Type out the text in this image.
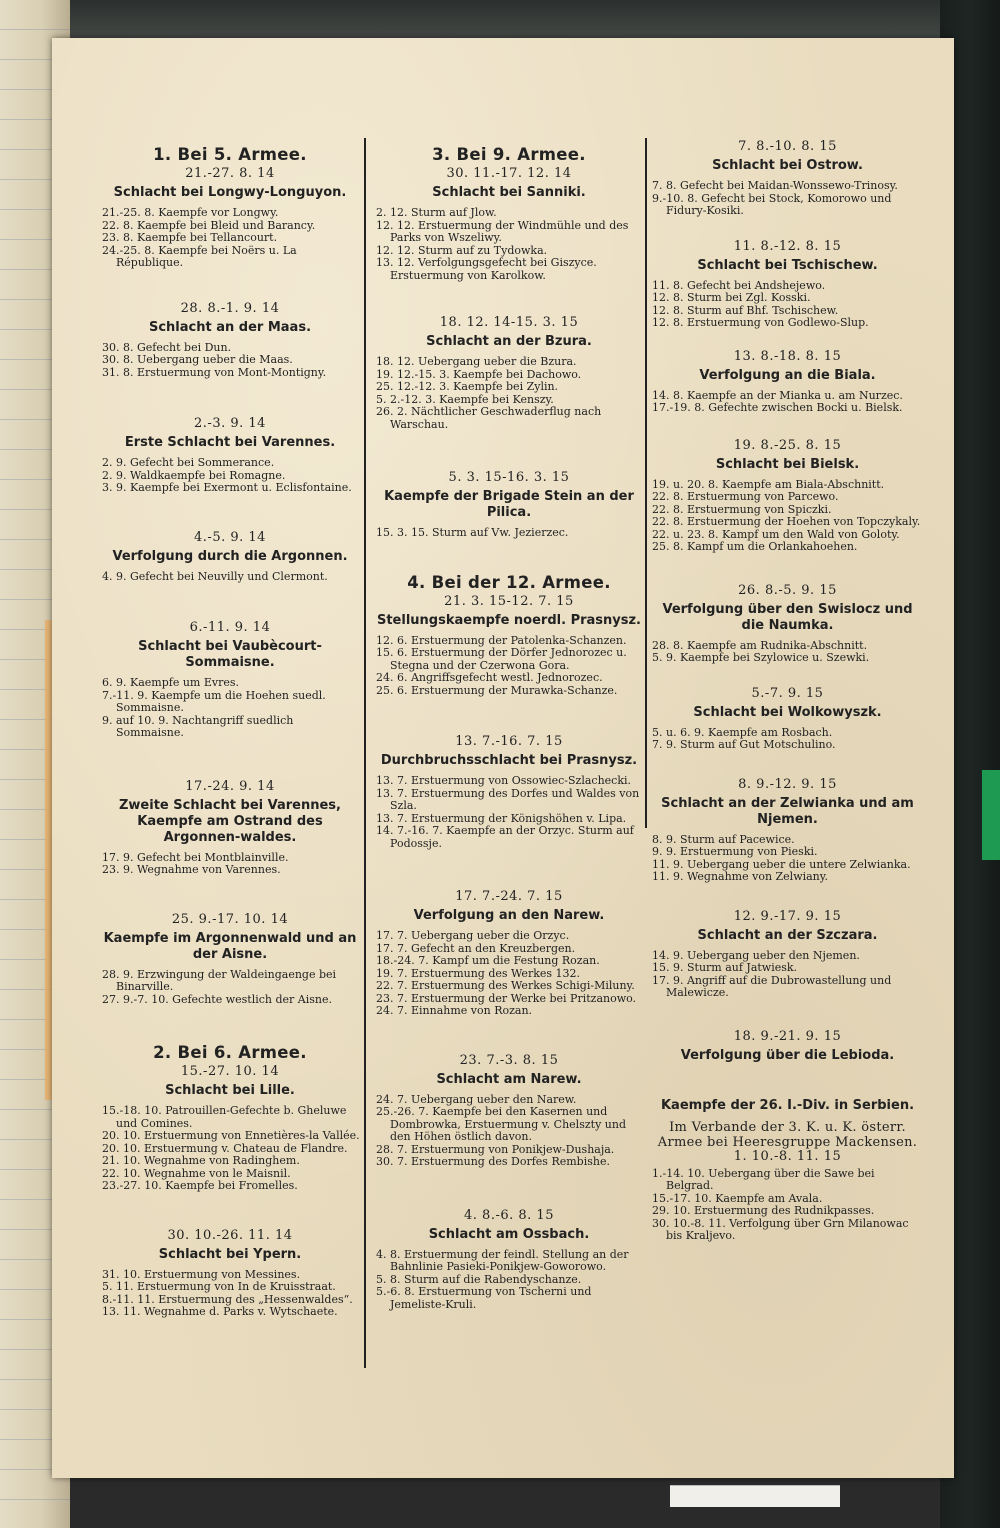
1. Bei 5. Armee.
21.-27. 8. 14
Schlacht bei Longwy-Longuyon.
21.-25. 8. Kaempfe vor Longwy.
22. 8. Kaempfe bei Bleid und Barancy.
23. 8. Kaempfe bei Tellancourt.
24.-25. 8. Kaempfe bei Noërs u. La République.
28. 8.-1. 9. 14
Schlacht an der Maas.
30. 8. Gefecht bei Dun.
30. 8. Uebergang ueber die Maas.
31. 8. Erstuermung von Mont-Montigny.
2.-3. 9. 14
Erste Schlacht bei Varennes.
2. 9. Gefecht bei Sommerance.
2. 9. Waldkaempfe bei Romagne.
3. 9. Kaempfe bei Exermont u. Eclisfontaine.
4.-5. 9. 14
Verfolgung durch die Argonnen.
4. 9. Gefecht bei Neuvilly und Clermont.
6.-11. 9. 14
Schlacht bei Vaubècourt-Sommaisne.
6. 9. Kaempfe um Evres.
7.-11. 9. Kaempfe um die Hoehen suedl. Sommaisne.
9. auf 10. 9. Nachtangriff suedlich Sommaisne.
17.-24. 9. 14
Zweite Schlacht bei Varennes, Kaempfe am Ostrand des Argonnen-waldes.
17. 9. Gefecht bei Montblainville.
23. 9. Wegnahme von Varennes.
25. 9.-17. 10. 14
Kaempfe im Argonnenwald und an der Aisne.
28. 9. Erzwingung der Waldeingaenge bei Binarville.
27. 9.-7. 10. Gefechte westlich der Aisne.
2. Bei 6. Armee.
15.-27. 10. 14
Schlacht bei Lille.
15.-18. 10. Patrouillen-Gefechte b. Gheluwe und Comines.
20. 10. Erstuermung von Ennetières-la Vallée.
20. 10. Erstuermung v. Chateau de Flandre.
21. 10. Wegnahme von Radinghem.
22. 10. Wegnahme von le Maisnil.
23.-27. 10. Kaempfe bei Fromelles.
30. 10.-26. 11. 14
Schlacht bei Ypern.
31. 10. Erstuermung von Messines.
5. 11. Erstuermung von In de Kruisstraat.
8.-11. 11. Erstuermung des „Hessenwaldes“.
13. 11. Wegnahme d. Parks v. Wytschaete.
3. Bei 9. Armee.
30. 11.-17. 12. 14
Schlacht bei Sanniki.
2. 12. Sturm auf Jlow.
12. 12. Erstuermung der Windmühle und des Parks von Wszeliwy.
12. 12. Sturm auf zu Tydowka.
13. 12. Verfolgungsgefecht bei Giszyce. Erstuermung von Karolkow.
18. 12. 14-15. 3. 15
Schlacht an der Bzura.
18. 12. Uebergang ueber die Bzura.
19. 12.-15. 3. Kaempfe bei Dachowo.
25. 12.-12. 3. Kaempfe bei Zylin.
5. 2.-12. 3. Kaempfe bei Kenszy.
26. 2. Nächtlicher Geschwaderflug nach Warschau.
5. 3. 15-16. 3. 15
Kaempfe der Brigade Stein an der Pilica.
15. 3. 15. Sturm auf Vw. Jezierzec.
4. Bei der 12. Armee.
21. 3. 15-12. 7. 15
Stellungskaempfe noerdl. Prasnysz.
12. 6. Erstuermung der Patolenka-Schanzen.
15. 6. Erstuermung der Dörfer Jednorozec u. Stegna und der Czerwona Gora.
24. 6. Angriffsgefecht westl. Jednorozec.
25. 6. Erstuermung der Murawka-Schanze.
13. 7.-16. 7. 15
Durchbruchsschlacht bei Prasnysz.
13. 7. Erstuermung von Ossowiec-Szlachecki.
13. 7. Erstuermung des Dorfes und Waldes von Szla.
13. 7. Erstuermung der Königshöhen v. Lipa.
14. 7.-16. 7. Kaempfe an der Orzyc. Sturm auf Podossje.
17. 7.-24. 7. 15
Verfolgung an den Narew.
17. 7. Uebergang ueber die Orzyc.
17. 7. Gefecht an den Kreuzbergen.
18.-24. 7. Kampf um die Festung Rozan.
19. 7. Erstuermung des Werkes 132.
22. 7. Erstuermung des Werkes Schigi-Miluny.
23. 7. Erstuermung der Werke bei Pritzanowo.
24. 7. Einnahme von Rozan.
23. 7.-3. 8. 15
Schlacht am Narew.
24. 7. Uebergang ueber den Narew.
25.-26. 7. Kaempfe bei den Kasernen und Dombrowka, Erstuermung v. Chelszty und den Höhen östlich davon.
28. 7. Erstuermung von Ponikjew-Dushaja.
30. 7. Erstuermung des Dorfes Rembishe.
4. 8.-6. 8. 15
Schlacht am Ossbach.
4. 8. Erstuermung der feindl. Stellung an der Bahnlinie Pasieki-Ponikjew-Goworowo.
5. 8. Sturm auf die Rabendyschanze.
5.-6. 8. Erstuermung von Tscherni und Jemeliste-Kruli.
7. 8.-10. 8. 15
Schlacht bei Ostrow.
7. 8. Gefecht bei Maidan-Wonssewo-Trinosy.
9.-10. 8. Gefecht bei Stock, Komorowo und Fidury-Kosiki.
11. 8.-12. 8. 15
Schlacht bei Tschischew.
11. 8. Gefecht bei Andshejewo.
12. 8. Sturm bei Zgl. Kosski.
12. 8. Sturm auf Bhf. Tschischew.
12. 8. Erstuermung von Godlewo-Slup.
13. 8.-18. 8. 15
Verfolgung an die Biala.
14. 8. Kaempfe an der Mianka u. am Nurzec.
17.-19. 8. Gefechte zwischen Bocki u. Bielsk.
19. 8.-25. 8. 15
Schlacht bei Bielsk.
19. u. 20. 8. Kaempfe am Biala-Abschnitt.
22. 8. Erstuermung von Parcewo.
22. 8. Erstuermung von Spiczki.
22. 8. Erstuermung der Hoehen von Topczykaly.
22. u. 23. 8. Kampf um den Wald von Goloty.
25. 8. Kampf um die Orlankahoehen.
26. 8.-5. 9. 15
Verfolgung über den Swislocz und die Naumka.
28. 8. Kaempfe am Rudnika-Abschnitt.
5. 9. Kaempfe bei Szylowice u. Szewki.
5.-7. 9. 15
Schlacht bei Wolkowyszk.
5. u. 6. 9. Kaempfe am Rosbach.
7. 9. Sturm auf Gut Motschulino.
8. 9.-12. 9. 15
Schlacht an der Zelwianka und am Njemen.
8. 9. Sturm auf Pacewice.
9. 9. Erstuermung von Pieski.
11. 9. Uebergang ueber die untere Zelwianka.
11. 9. Wegnahme von Zelwiany.
12. 9.-17. 9. 15
Schlacht an der Szczara.
14. 9. Uebergang ueber den Njemen.
15. 9. Sturm auf Jatwiesk.
17. 9. Angriff auf die Dubrowastellung und Malewicze.
18. 9.-21. 9. 15
Verfolgung über die Lebioda.
Kaempfe der 26. I.-Div. in Serbien.
Im Verbande der 3. K. u. K. österr. Armee bei Heeresgruppe Mackensen.
1. 10.-8. 11. 15
1.-14. 10. Uebergang über die Sawe bei Belgrad.
15.-17. 10. Kaempfe am Avala.
29. 10. Erstuermung des Rudnikpasses.
30. 10.-8. 11. Verfolgung über Grn Milanowac bis Kraljevo.
